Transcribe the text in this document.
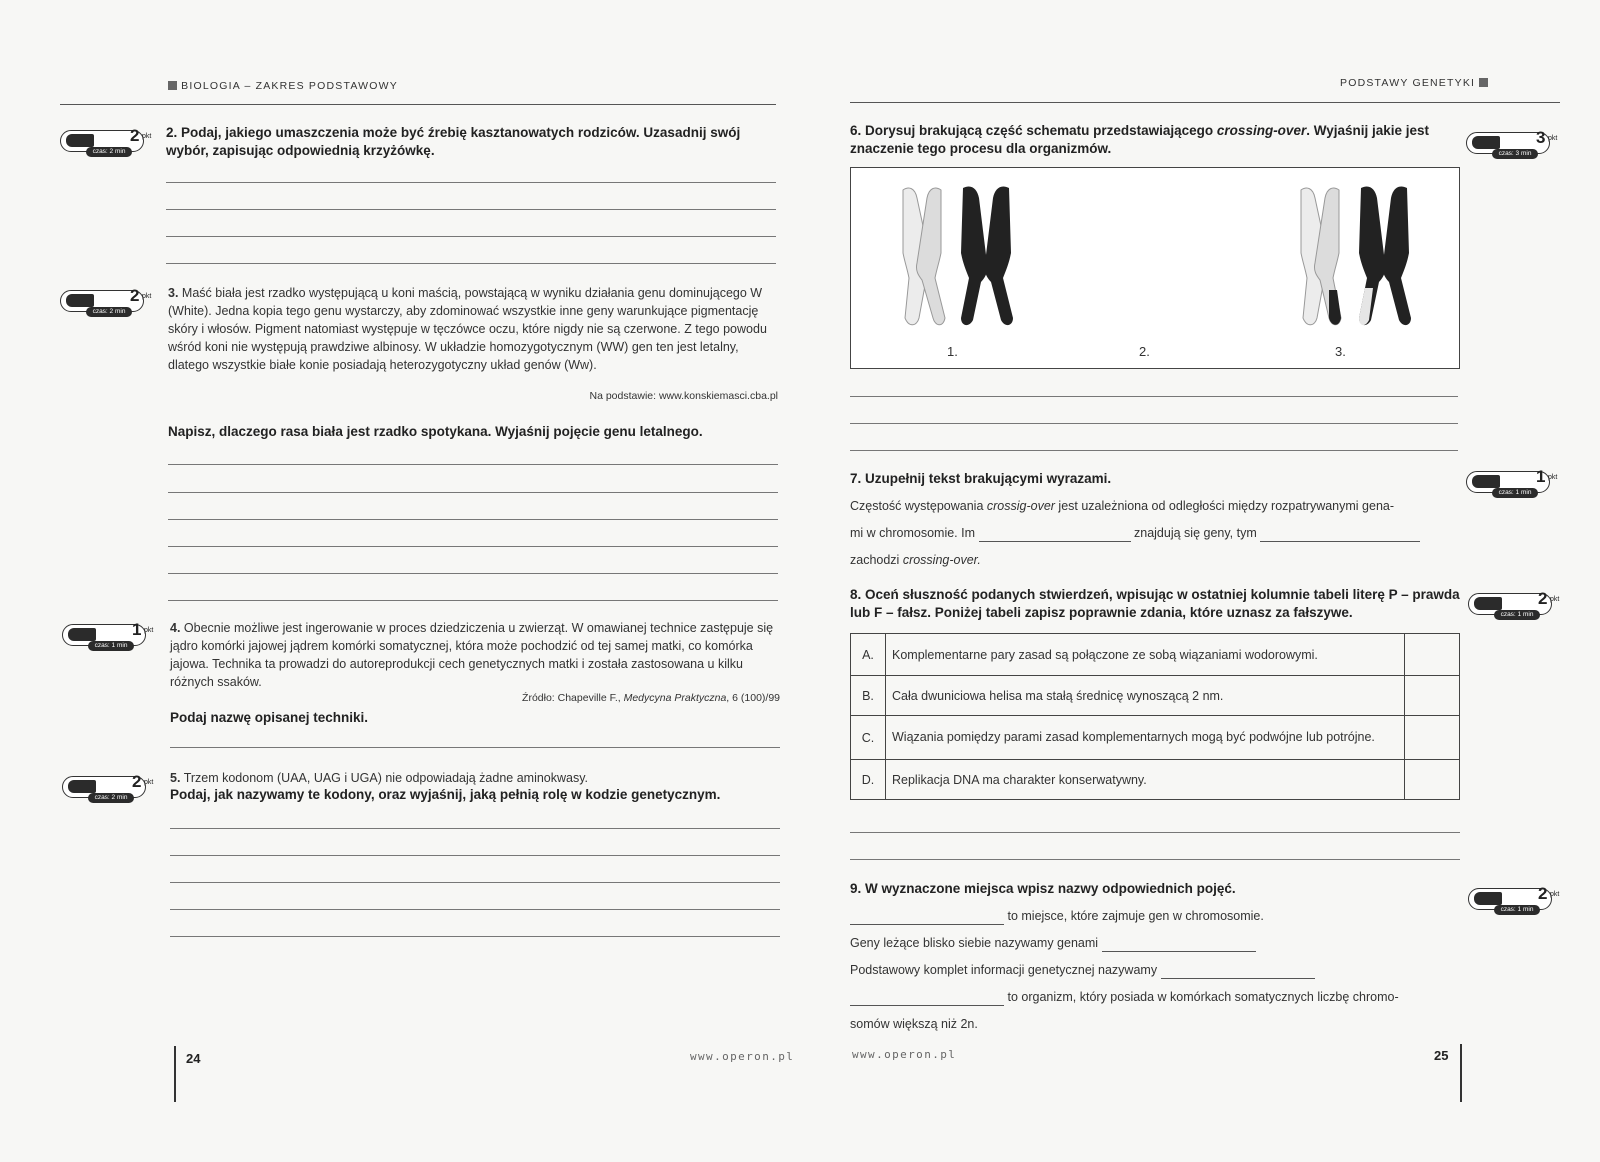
BIOLOGIA – ZAKRES PODSTAWOWY
2 pkt
czas: 2 min
2. Podaj, jakiego umaszczenia może być źrebię kasztanowatych rodziców. Uzasadnij swój wybór, zapisując odpowiednią krzyżówkę.
2 pkt
czas: 2 min
3. Maść biała jest rzadko występującą u koni maścią, powstającą w wyniku działania genu dominującego W (White). Jedna kopia tego genu wystarczy, aby zdominować wszystkie inne geny warunkujące pigmentację skóry i włosów. Pigment natomiast występuje w tęczówce oczu, które nigdy nie są czerwone. Z tego powodu wśród koni nie występują prawdziwe albinosy. W układzie homozygotycznym (WW) gen ten jest letalny, dlatego wszystkie białe konie posiadają heterozygotyczny układ genów (Ww).
Na podstawie: www.konskiemasci.cba.pl
Napisz, dlaczego rasa biała jest rzadko spotykana. Wyjaśnij pojęcie genu letalnego.
1 pkt
czas: 1 min
4. Obecnie możliwe jest ingerowanie w proces dziedziczenia u zwierząt. W omawianej technice zastępuje się jądro komórki jajowej jądrem komórki somatycznej, która może pochodzić od tej samej matki, co komórka jajowa. Technika ta prowadzi do autoreprodukcji cech genetycznych matki i została zastosowana u kilku różnych ssaków.
Źródło: Chapeville F., Medycyna Praktyczna, 6 (100)/99
Podaj nazwę opisanej techniki.
2 pkt
czas: 2 min
5. Trzem kodonom (UAA, UAG i UGA) nie odpowiadają żadne aminokwasy.
Podaj, jak nazywamy te kodony, oraz wyjaśnij, jaką pełnią rolę w kodzie genetycznym.
24	www.operon.pl
PODSTAWY GENETYKI
6. Dorysuj brakującą część schematu przedstawiającego crossing-over. Wyjaśnij jakie jest znaczenie tego procesu dla organizmów.
3 pkt
czas: 3 min
1.	2.	3.
7. Uzupełnij tekst brakującymi wyrazami.	1 pkt
czas: 1 min
Częstość występowania crossig-over jest uzależniona od odległości między rozpatrywanymi gena-
mi w chromosomie. Im	znajdują się geny, tym
zachodzi crossing-over.
8. Oceń słuszność podanych stwierdzeń, wpisując w ostatniej kolumnie tabeli literę P – prawda lub F – fałsz. Poniżej tabeli zapisz poprawnie zdania, które uznasz za fałszywe.
2 pkt
czas: 1 min
A.	Komplementarne pary zasad są połączone ze sobą wiązaniami wodorowymi.	
B.	Cała dwuniciowa helisa ma stałą średnicę wynoszącą 2 nm.	
C.	Wiązania pomiędzy parami zasad komplementarnych mogą być podwójne lub potrójne.	
D.	Replikacja DNA ma charakter konserwatywny.	
9. W wyznaczone miejsca wpisz nazwy odpowiednich pojęć.	2 pkt
czas: 1 min
to miejsce, które zajmuje gen w chromosomie.
Geny leżące blisko siebie nazywamy genami
Podstawowy komplet informacji genetycznej nazywamy
to organizm, który posiada w komórkach somatycznych liczbę chromo-
somów większą niż 2n.
www.operon.pl	25
